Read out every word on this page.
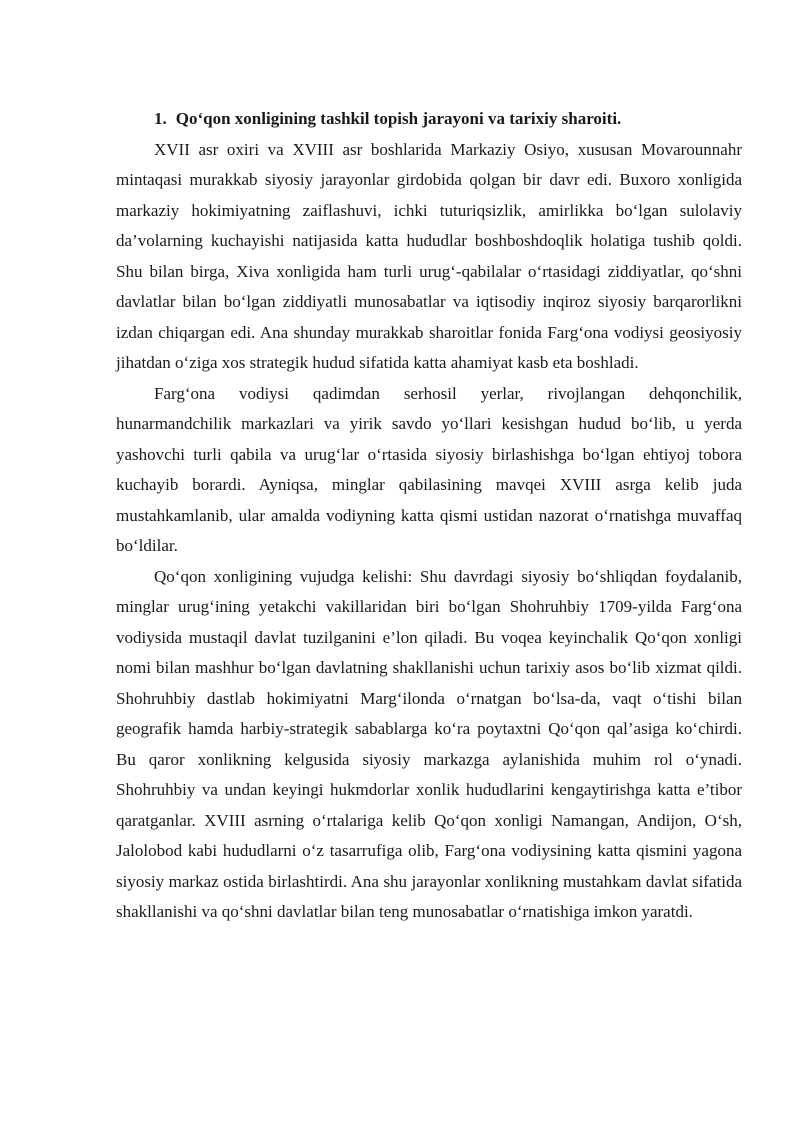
1. Qo‘qon xonligining tashkil topish jarayoni va tarixiy sharoiti.

XVII asr oxiri va XVIII asr boshlarida Markaziy Osiyo, xususan Movarounnahr mintaqasi murakkab siyosiy jarayonlar girdobida qolgan bir davr edi. Buxoro xonligida markaziy hokimiyatning zaiflashuvi, ichki tuturiqsizlik, amirlikka bo‘lgan sulolaviy da’volarning kuchayishi natijasida katta hududlar boshboshdoqlik holatiga tushib qoldi. Shu bilan birga, Xiva xonligida ham turli urug‘-qabilalar o‘rtasidagi ziddiyatlar, qo‘shni davlatlar bilan bo‘lgan ziddiyatli munosabatlar va iqtisodiy inqiroz siyosiy barqarorlikni izdan chiqargan edi. Ana shunday murakkab sharoitlar fonida Farg‘ona vodiysi geosiyosiy jihatdan o‘ziga xos strategik hudud sifatida katta ahamiyat kasb eta boshladi.

Farg‘ona vodiysi qadimdan serhosil yerlar, rivojlangan dehqonchilik, hunarmandchilik markazlari va yirik savdo yo‘llari kesishgan hudud bo‘lib, u yerda yashovchi turli qabila va urug‘lar o‘rtasida siyosiy birlashishga bo‘lgan ehtiyoj tobora kuchayib borardi. Ayniqsa, minglar qabilasining mavqei XVIII asrga kelib juda mustahkamlanib, ular amalda vodiyning katta qismi ustidan nazorat o‘rnatishga muvaffaq bo‘ldilar.

Qo‘qon xonligining vujudga kelishi: Shu davrdagi siyosiy bo‘shliqdan foydalanib, minglar urug‘ining yetakchi vakillaridan biri bo‘lgan Shohruhbiy 1709-yilda Farg‘ona vodiysida mustaqil davlat tuzilganini e’lon qiladi. Bu voqea keyinchalik Qo‘qon xonligi nomi bilan mashhur bo‘lgan davlatning shakllanishi uchun tarixiy asos bo‘lib xizmat qildi. Shohruhbiy dastlab hokimiyatni Marg‘ilonda o‘rnatgan bo‘lsa-da, vaqt o‘tishi bilan geografik hamda harbiy-strategik sabablarga ko‘ra poytaxtni Qo‘qon qal’asiga ko‘chirdi. Bu qaror xonlikning kelgusida siyosiy markazga aylanishida muhim rol o‘ynadi. Shohruhbiy va undan keyingi hukmdorlar xonlik hududlarini kengaytirishga katta e’tibor qaratganlar. XVIII asrning o‘rtalariga kelib Qo‘qon xonligi Namangan, Andijon, O‘sh, Jalolobod kabi hududlarni o‘z tasarrufiga olib, Farg‘ona vodiysining katta qismini yagona siyosiy markaz ostida birlashtirdi. Ana shu jarayonlar xonlikning mustahkam davlat sifatida shakllanishi va qo‘shni davlatlar bilan teng munosabatlar o‘rnatishiga imkon yaratdi.
